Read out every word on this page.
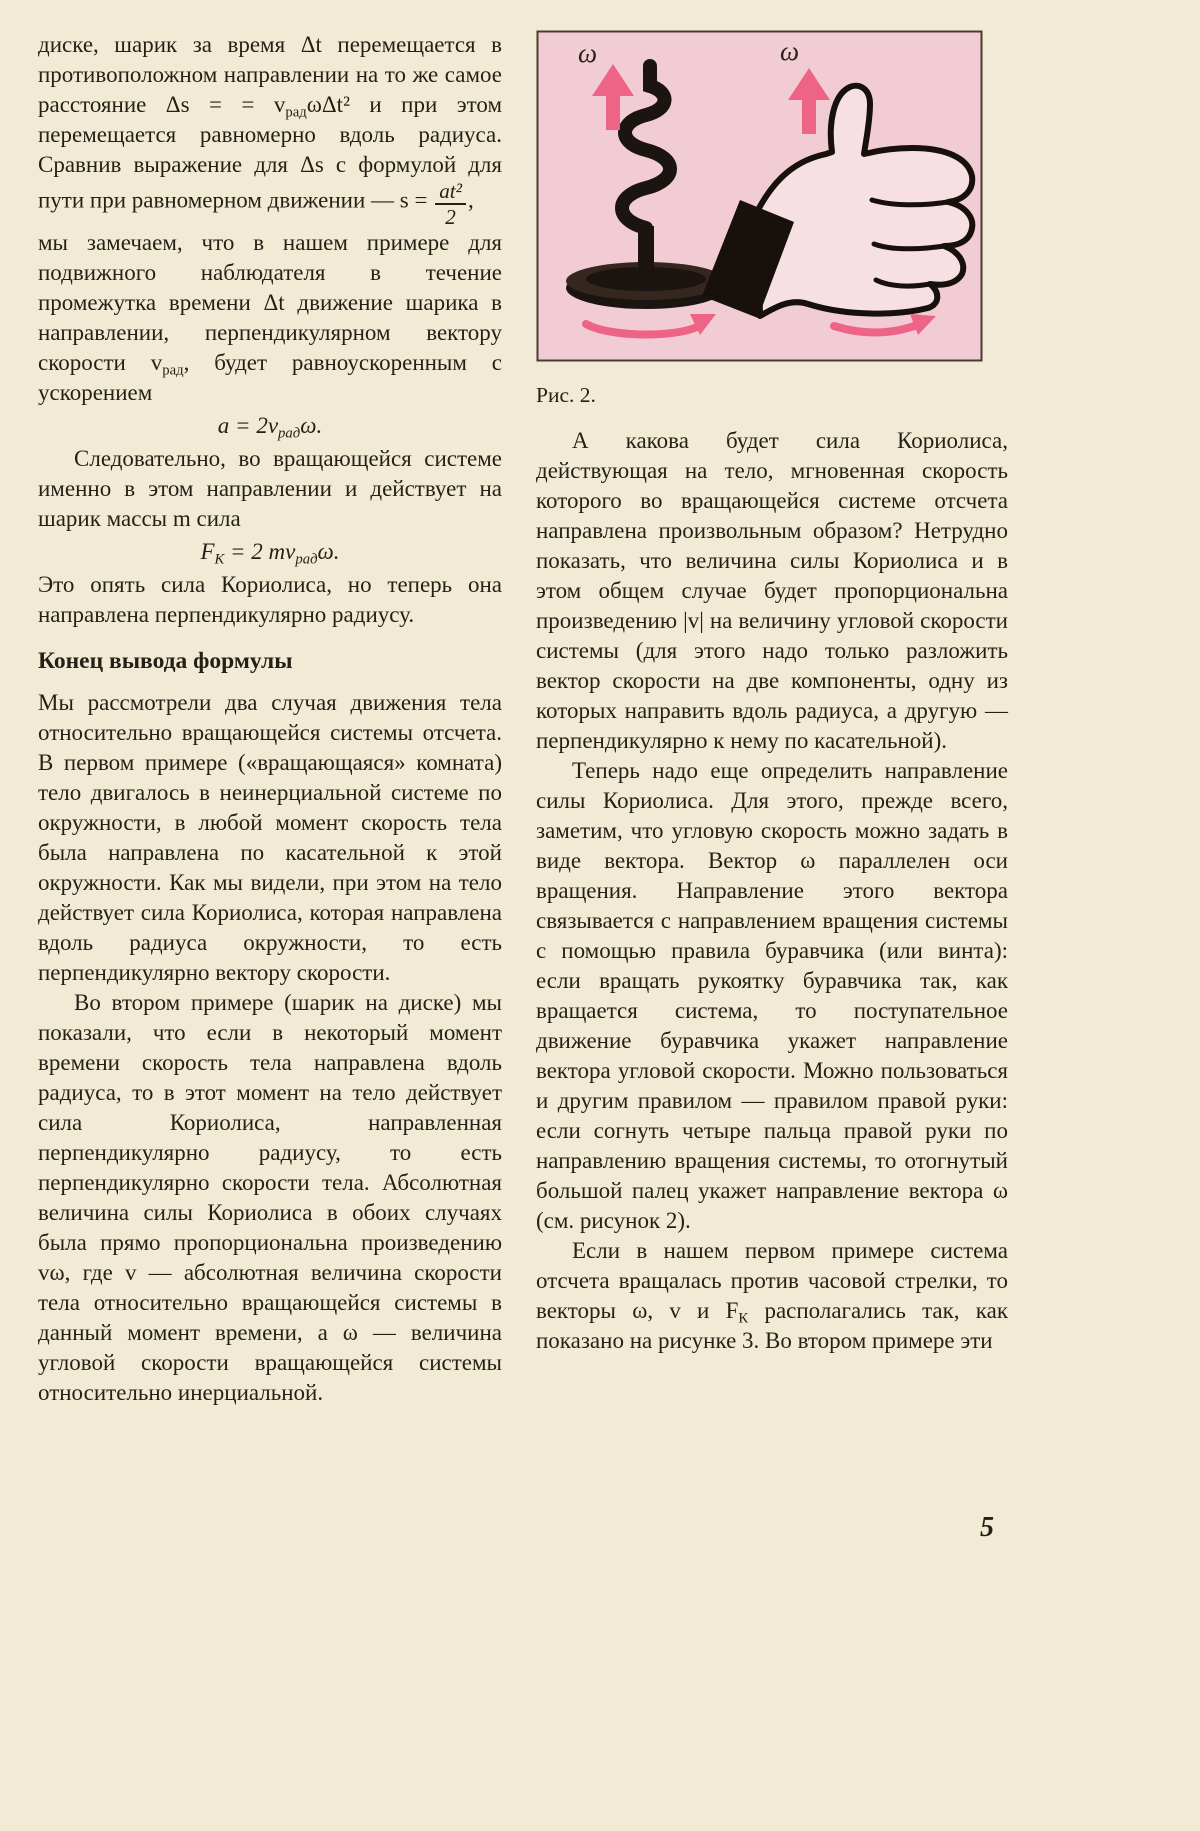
диске, шарик за время Δt перемещается в противоположном направлении на то же самое расстояние Δs = = $v_{рад}\omega\Delta t^2$ и при этом перемещается равномерно вдоль радиуса. Сравнив выражение для Δs с формулой для пути при равномерном движении — $s = \frac{\text{at²}}{2}$ ,

мы замечаем, что в нашем примере для подвижного наблюдателя в течение промежутка времени Δt движение шарика в направлении, перпендикулярном вектору скорости $v_{рад}$, будет равноускоренным с ускорением

$a = 2v_{рад}\omega$.

Следовательно, во вращающейся системе именно в этом направлении и действует на шарик массы m сила

$F_К = 2$ $mv_{рад}\omega$.

Это опять сила Кориолиса, но теперь она направлена перпендикулярно радиусу.

Конец вывода формулы

Мы рассмотрели два случая движения тела относительно вращающейся системы отсчета. В первом примере («вращающаяся» комната) тело двигалось в неинерциальной системе по окружности, в любой момент скорость тела была направлена по касательной к этой окружности. Как мы видели, при этом на тело действует сила Кориолиса, которая направлена вдоль радиуса окружности, то есть перпендикулярно вектору скорости.

Во втором примере (шарик на диске) мы показали, что если в некоторый момент времени скорость тела направлена вдоль радиуса, то в этот момент на тело действует сила Кориолиса, направленная перпендикулярно радиусу, то есть перпендикулярно скорости тела. Абсолютная величина силы Кориолиса в обоих случаях была прямо пропорциональна произведению vω, где v — абсолютная величина скорости тела относительно вращающейся системы в данный момент времени, а ω — величина угловой скорости вращающейся системы относительно инерциальной.

ω	ω

Рис. 2.

А какова будет сила Кориолиса, действующая на тело, мгновенная скорость которого во вращающейся системе отсчета направлена произвольным образом? Нетрудно показать, что величина силы Кориолиса и в этом общем случае будет пропорциональна произведению |v| на величину угловой скорости системы (для этого надо только разложить вектор скорости на две компоненты, одну из которых направить вдоль радиуса, а другую — перпендикулярно к нему по касательной).

Теперь надо еще определить направление силы Кориолиса. Для этого, прежде всего, заметим, что угловую скорость можно задать в виде вектора. Вектор ω параллелен оси вращения. Направление этого вектора связывается с направлением вращения системы с помощью правила буравчика (или винта): если вращать рукоятку буравчика так, как вращается система, то поступательное движение буравчика укажет направление вектора угловой скорости. Можно пользоваться и другим правилом — правилом правой руки: если согнуть четыре пальца правой руки по направлению вращения системы, то отогнутый большой палец укажет направление вектора ω (см. рисунок 2).

Если в нашем первом примере система отсчета вращалась против часовой стрелки, то векторы ω, v и $F_К$ располагались так, как показано на рисунке 3. Во втором примере эти

5
